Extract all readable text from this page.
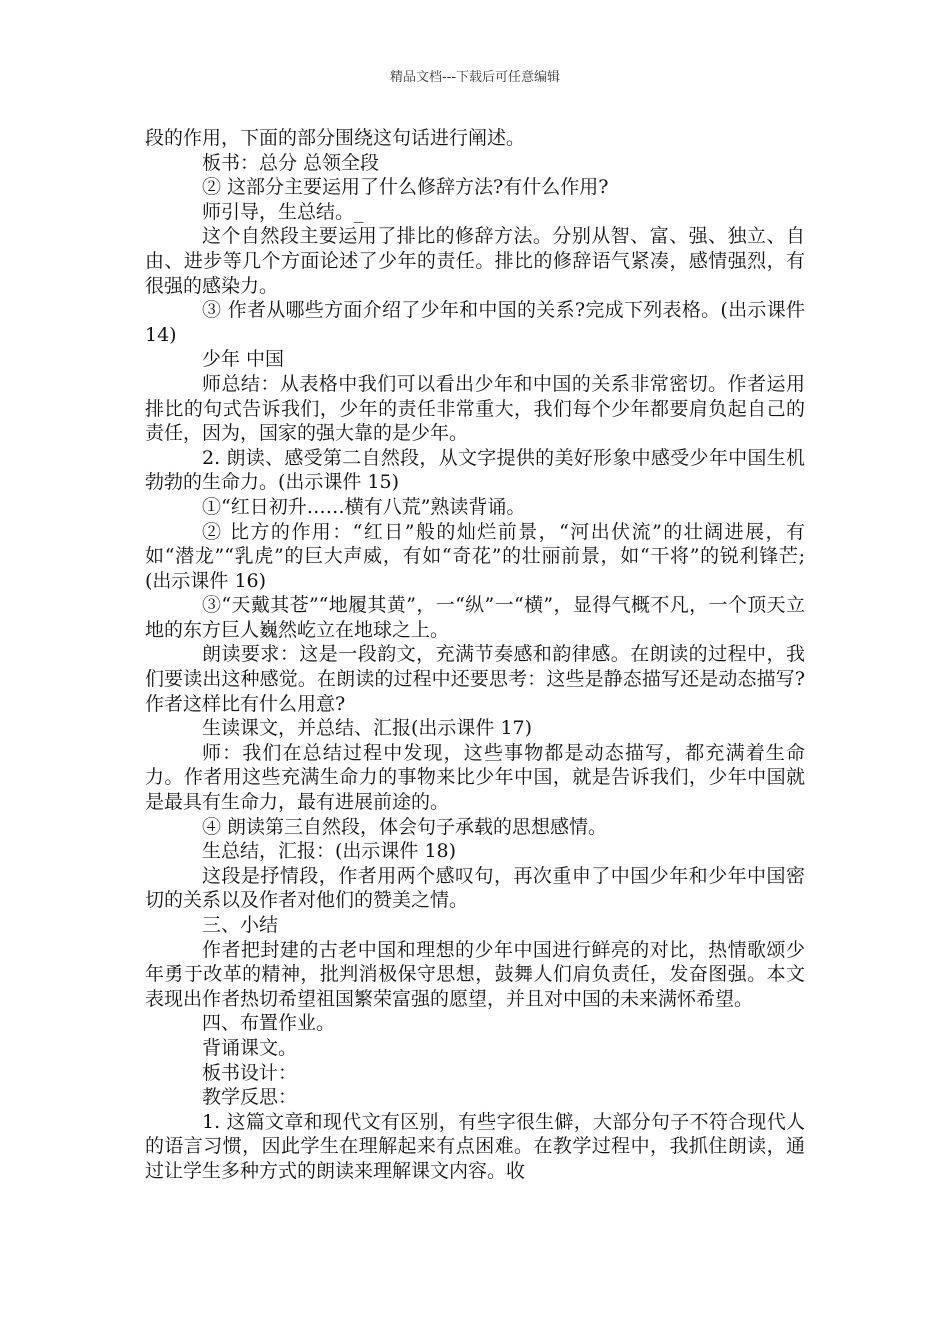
精品文档---下载后可任意编辑

段的作用，下面的部分围绕这句话进行阐述。

板书：总分 总领全段

② 这部分主要运用了什么修辞方法?有什么作用?

师引导，生总结。_

这个自然段主要运用了排比的修辞方法。分别从智、富、强、独立、自由、进步等几个方面论述了少年的责任。排比的修辞语气紧凑，感情强烈，有很强的感染力。

③ 作者从哪些方面介绍了少年和中国的关系?完成下列表格。(出示课件 14)

少年 中国

师总结：从表格中我们可以看出少年和中国的关系非常密切。作者运用排比的句式告诉我们，少年的责任非常重大，我们每个少年都要肩负起自己的责任，因为，国家的强大靠的是少年。

2. 朗读、感受第二自然段，从文字提供的美好形象中感受少年中国生机勃勃的生命力。(出示课件 15)

①“红日初升……横有八荒”熟读背诵。

② 比方的作用：“红日”般的灿烂前景，“河出伏流”的壮阔进展，有如“潜龙”“乳虎”的巨大声威，有如“奇花”的壮丽前景，如“干将”的锐利锋芒;(出示课件 16)

③“天戴其苍”“地履其黄”，一“纵”一“横”，显得气概不凡，一个顶天立地的东方巨人巍然屹立在地球之上。

朗读要求：这是一段韵文，充满节奏感和韵律感。在朗读的过程中，我们要读出这种感觉。在朗读的过程中还要思考：这些是静态描写还是动态描写?作者这样比有什么用意?

生读课文，并总结、汇报(出示课件 17)

师：我们在总结过程中发现，这些事物都是动态描写，都充满着生命力。作者用这些充满生命力的事物来比少年中国，就是告诉我们，少年中国就是最具有生命力，最有进展前途的。

④ 朗读第三自然段，体会句子承载的思想感情。

生总结，汇报：(出示课件 18)

这段是抒情段，作者用两个感叹句，再次重申了中国少年和少年中国密切的关系以及作者对他们的赞美之情。

三、小结

作者把封建的古老中国和理想的少年中国进行鲜亮的对比，热情歌颂少年勇于改革的精神，批判消极保守思想，鼓舞人们肩负责任，发奋图强。本文表现出作者热切希望祖国繁荣富强的愿望，并且对中国的未来满怀希望。

四、布置作业。

背诵课文。

板书设计：

教学反思：

1. 这篇文章和现代文有区别，有些字很生僻，大部分句子不符合现代人的语言习惯，因此学生在理解起来有点困难。在教学过程中，我抓住朗读，通过让学生多种方式的朗读来理解课文内容。收
